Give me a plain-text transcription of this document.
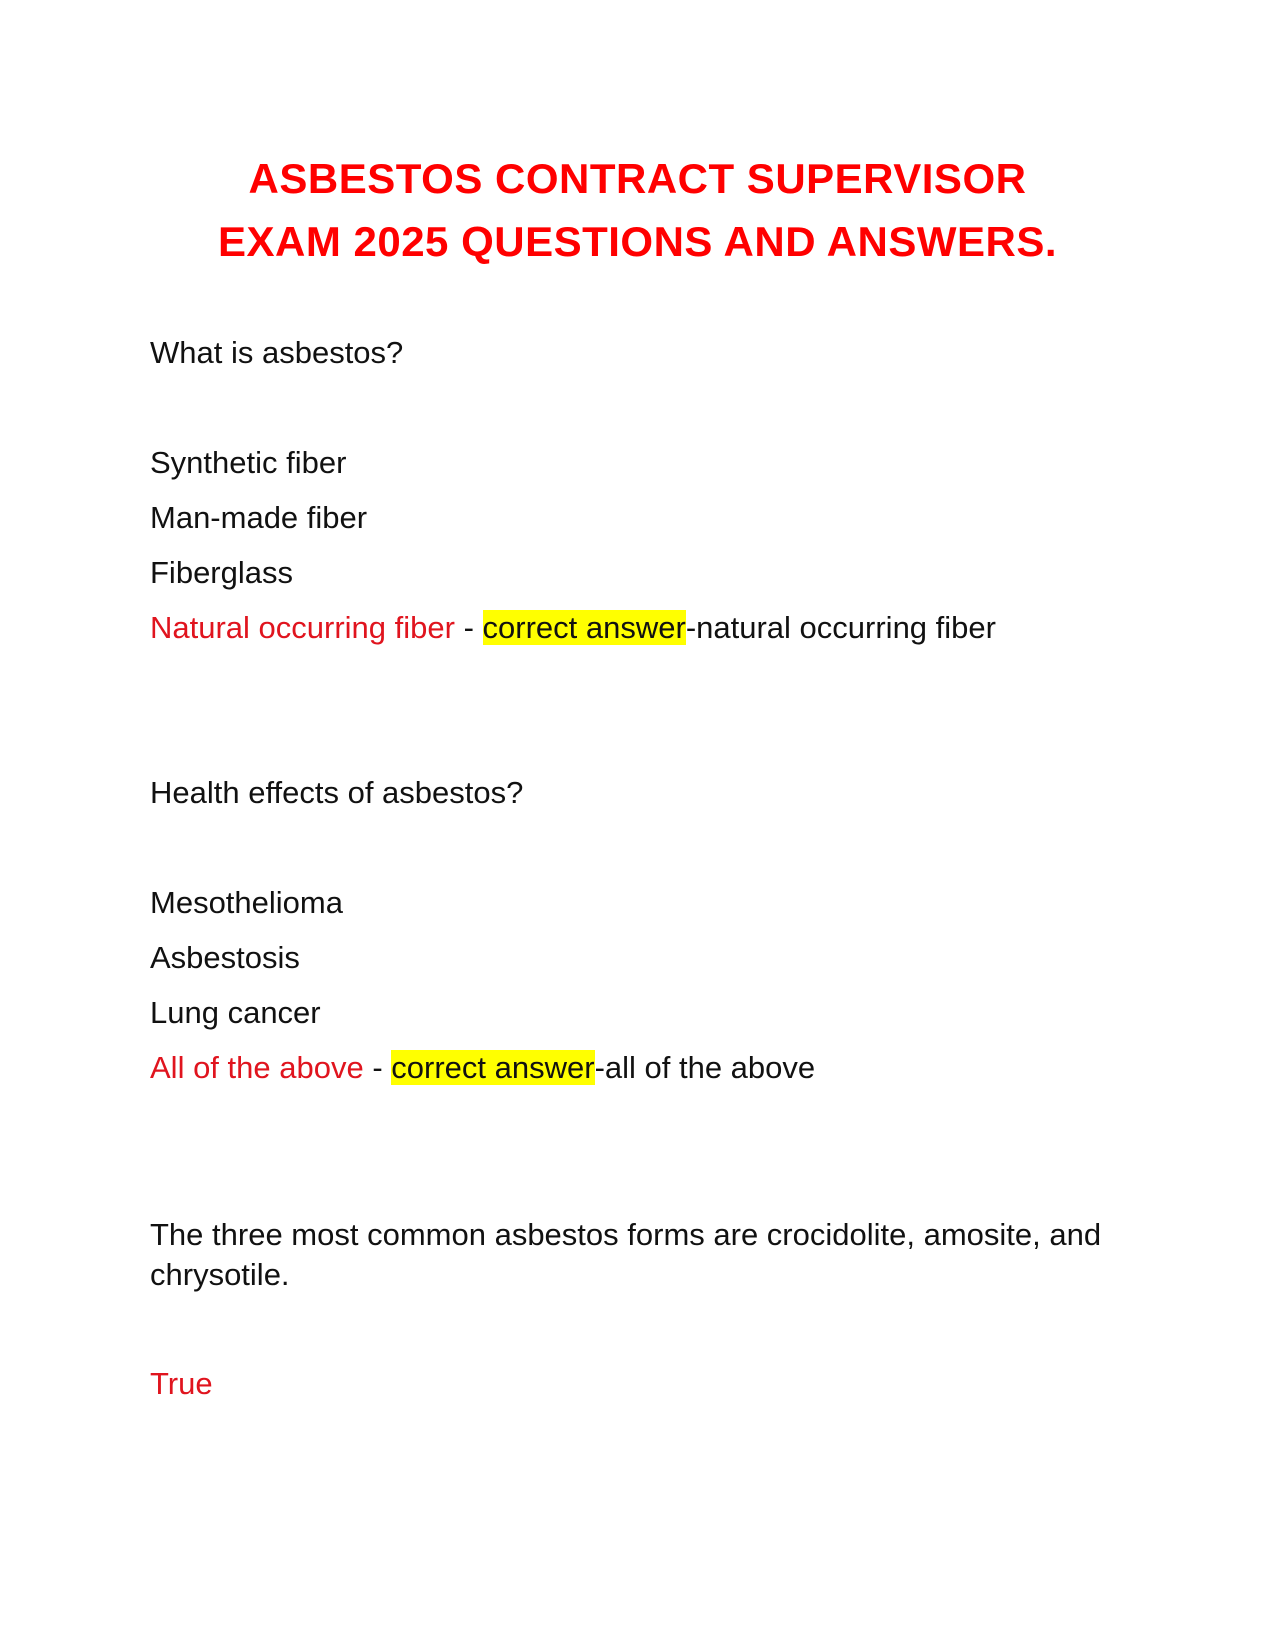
ASBESTOS CONTRACT SUPERVISOR
EXAM 2025 QUESTIONS AND ANSWERS.

What is asbestos?

Synthetic fiber

Man-made fiber

Fiberglass

Natural occurring fiber - correct answer-natural occurring fiber

Health effects of asbestos?

Mesothelioma

Asbestosis

Lung cancer

All of the above - correct answer-all of the above

The three most common asbestos forms are crocidolite, amosite, and chrysotile.

True
